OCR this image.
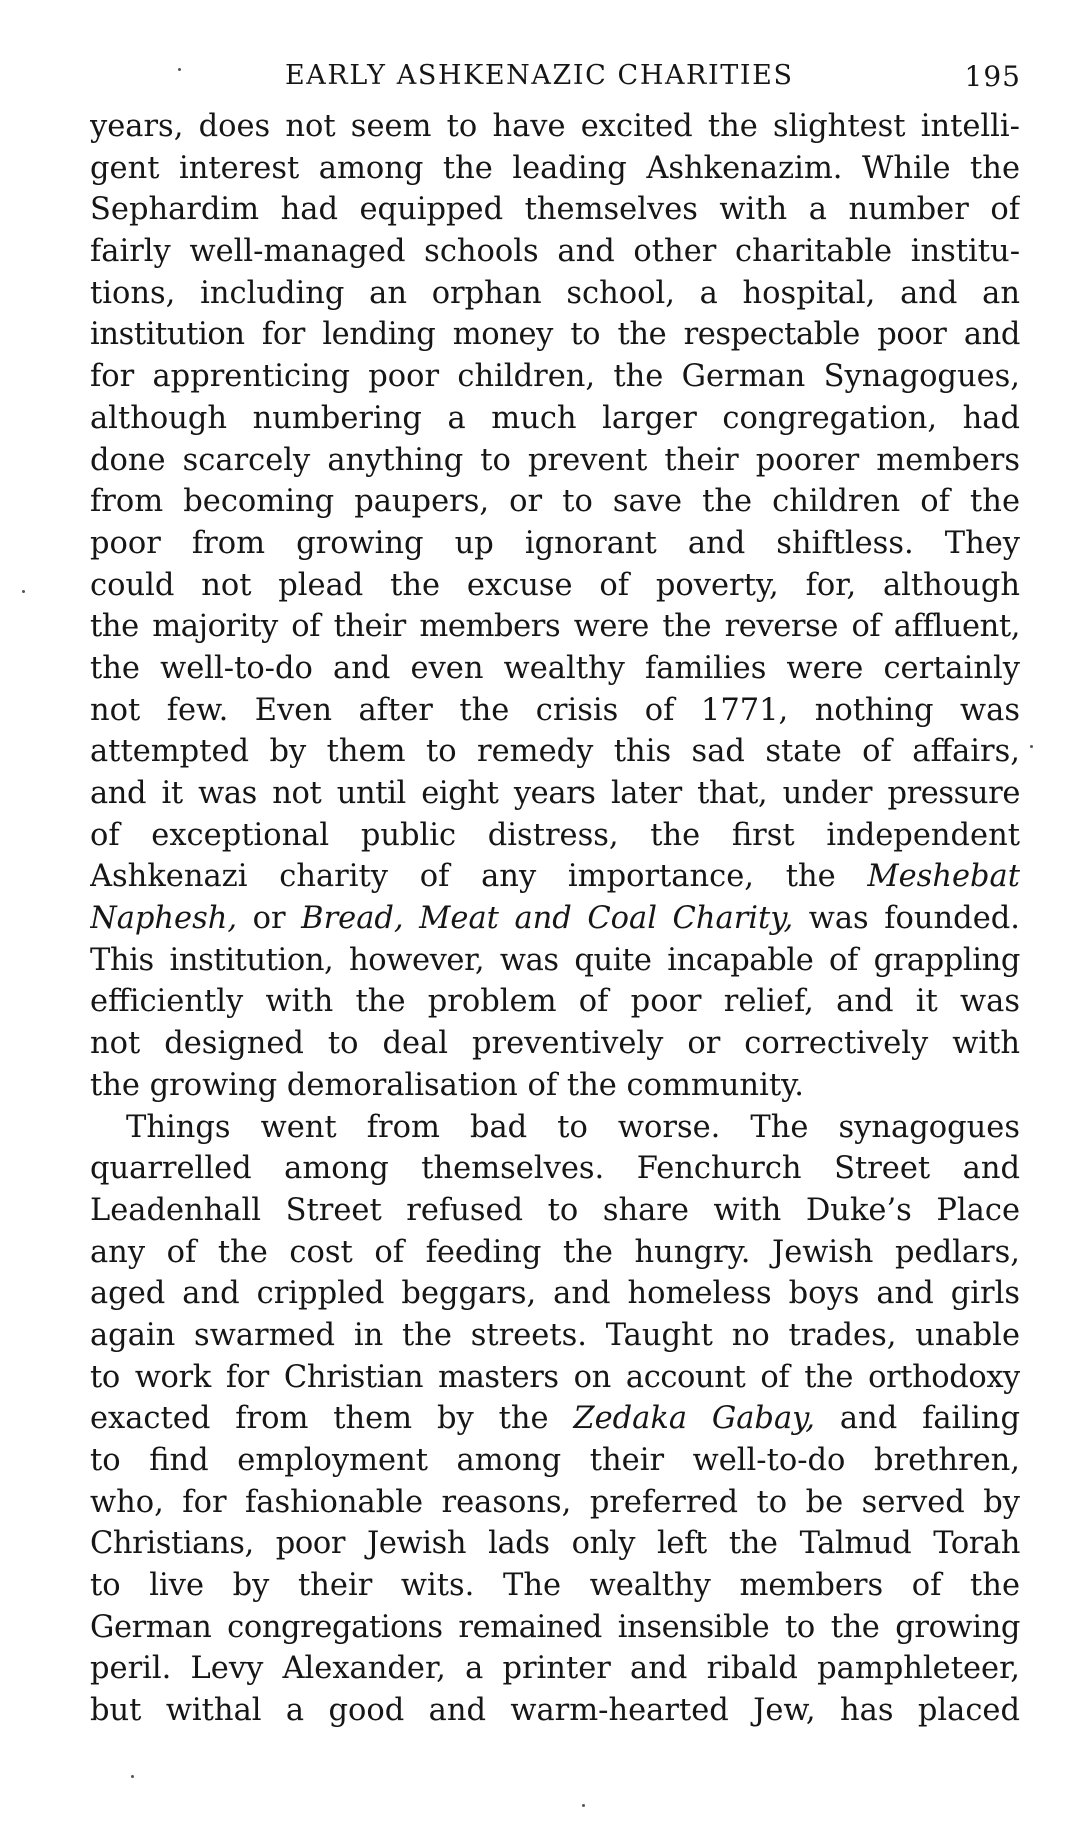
EARLY ASHKENAZIC CHARITIES	195
years, does not seem to have excited the slightest intelli-
gent interest among the leading Ashkenazim. While the
Sephardim had equipped themselves with a number of
fairly well-managed schools and other charitable institu-
tions, including an orphan school, a hospital, and an
institution for lending money to the respectable poor and
for apprenticing poor children, the German Synagogues,
although numbering a much larger congregation, had
done scarcely anything to prevent their poorer members
from becoming paupers, or to save the children of the
poor from growing up ignorant and shiftless. They
could not plead the excuse of poverty, for, although
the majority of their members were the reverse of affluent,
the well-to-do and even wealthy families were certainly
not few. Even after the crisis of 1771, nothing was
attempted by them to remedy this sad state of affairs,
and it was not until eight years later that, under pressure
of exceptional public distress, the first independent
Ashkenazi charity of any importance, the Meshebat
Naphesh, or Bread, Meat and Coal Charity, was founded.
This institution, however, was quite incapable of grappling
efficiently with the problem of poor relief, and it was
not designed to deal preventively or correctively with
the growing demoralisation of the community.
Things went from bad to worse. The synagogues
quarrelled among themselves. Fenchurch Street and
Leadenhall Street refused to share with Duke’s Place
any of the cost of feeding the hungry. Jewish pedlars,
aged and crippled beggars, and homeless boys and girls
again swarmed in the streets. Taught no trades, unable
to work for Christian masters on account of the orthodoxy
exacted from them by the Zedaka Gabay, and failing
to find employment among their well-to-do brethren,
who, for fashionable reasons, preferred to be served by
Christians, poor Jewish lads only left the Talmud Torah
to live by their wits. The wealthy members of the
German congregations remained insensible to the growing
peril. Levy Alexander, a printer and ribald pamphleteer,
but withal a good and warm-hearted Jew, has placed
